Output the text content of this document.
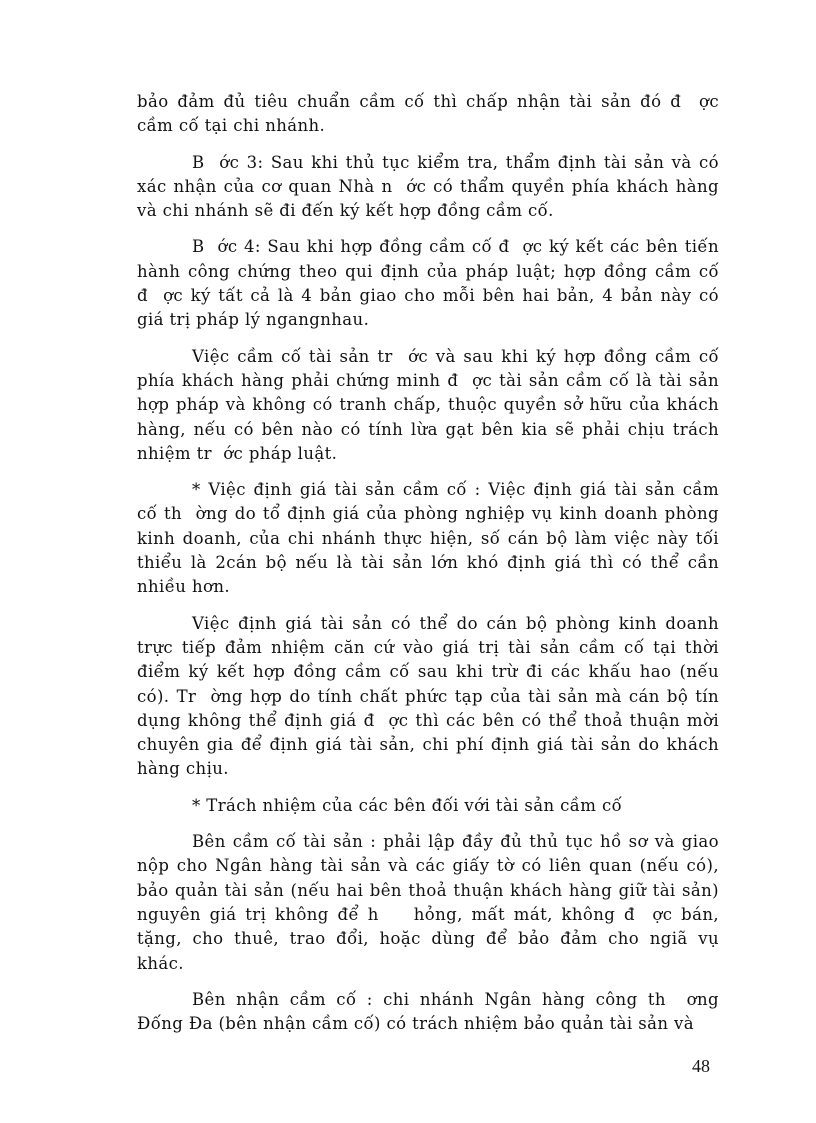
bảo đảm đủ tiêu chuẩn cầm cố thì chấp nhận tài sản đó đ  ợc
cầm cố tại chi nhánh.
B  ớc 3: Sau khi thủ tục kiểm tra, thẩm định tài sản và có
xác nhận của cơ quan Nhà n  ớc có thẩm quyền phía khách hàng
và chi nhánh sẽ đi đến ký kết hợp đồng cầm cố.
B  ớc 4: Sau khi hợp đồng cầm cố đ  ợc ký kết các bên tiến
hành công chứng theo qui định của pháp luật; hợp đồng cầm cố
đ  ợc ký tất cả là 4 bản giao cho mỗi bên hai bản, 4 bản này có
giá trị pháp lý ngangnhau.
Việc cầm cố tài sản tr  ớc và sau khi ký hợp đồng cầm cố
phía khách hàng phải chứng minh đ  ợc tài sản cầm cố là tài sản
hợp pháp và không có tranh chấp, thuộc quyền sở hữu của khách
hàng, nếu có bên nào có tính lừa gạt bên kia sẽ phải chịu trách
nhiệm tr  ớc pháp luật.
* Việc định giá tài sản cầm cố : Việc định giá tài sản cầm
cố th  ờng do tổ định giá của phòng nghiệp vụ kinh doanh phòng
kinh doanh, của chi nhánh thực hiện, số cán bộ làm việc này tối
thiểu là 2cán bộ nếu là tài sản lớn khó định giá thì có thể cần
nhiều hơn.
Việc định giá tài sản có thể do cán bộ phòng kinh doanh
trực tiếp đảm nhiệm căn cứ vào giá trị tài sản cầm cố tại thời
điểm ký kết hợp đồng cầm cố sau khi trừ đi các khấu hao (nếu
có). Tr  ờng hợp do tính chất phức tạp của tài sản mà cán bộ tín
dụng không thể định giá đ  ợc thì các bên có thể thoả thuận mời
chuyên gia để định giá tài sản, chi phí định giá tài sản do khách
hàng chịu.
* Trách nhiệm của các bên đối với tài sản cầm cố
Bên cầm cố tài sản : phải lập đầy đủ thủ tục hồ sơ và giao
nộp cho Ngân hàng tài sản và các giấy tờ có liên quan (nếu có),
bảo quản tài sản (nếu hai bên thoả thuận khách hàng giữ tài sản)
nguyên giá trị không để h    hỏng, mất mát, không đ  ợc bán,
tặng, cho thuê, trao đổi, hoặc dùng để bảo đảm cho ngiã vụ
khác.
Bên nhận cầm cố : chi nhánh Ngân hàng công th  ơng
Đống Đa (bên nhận cầm cố) có trách nhiệm bảo quản tài sản và
48
